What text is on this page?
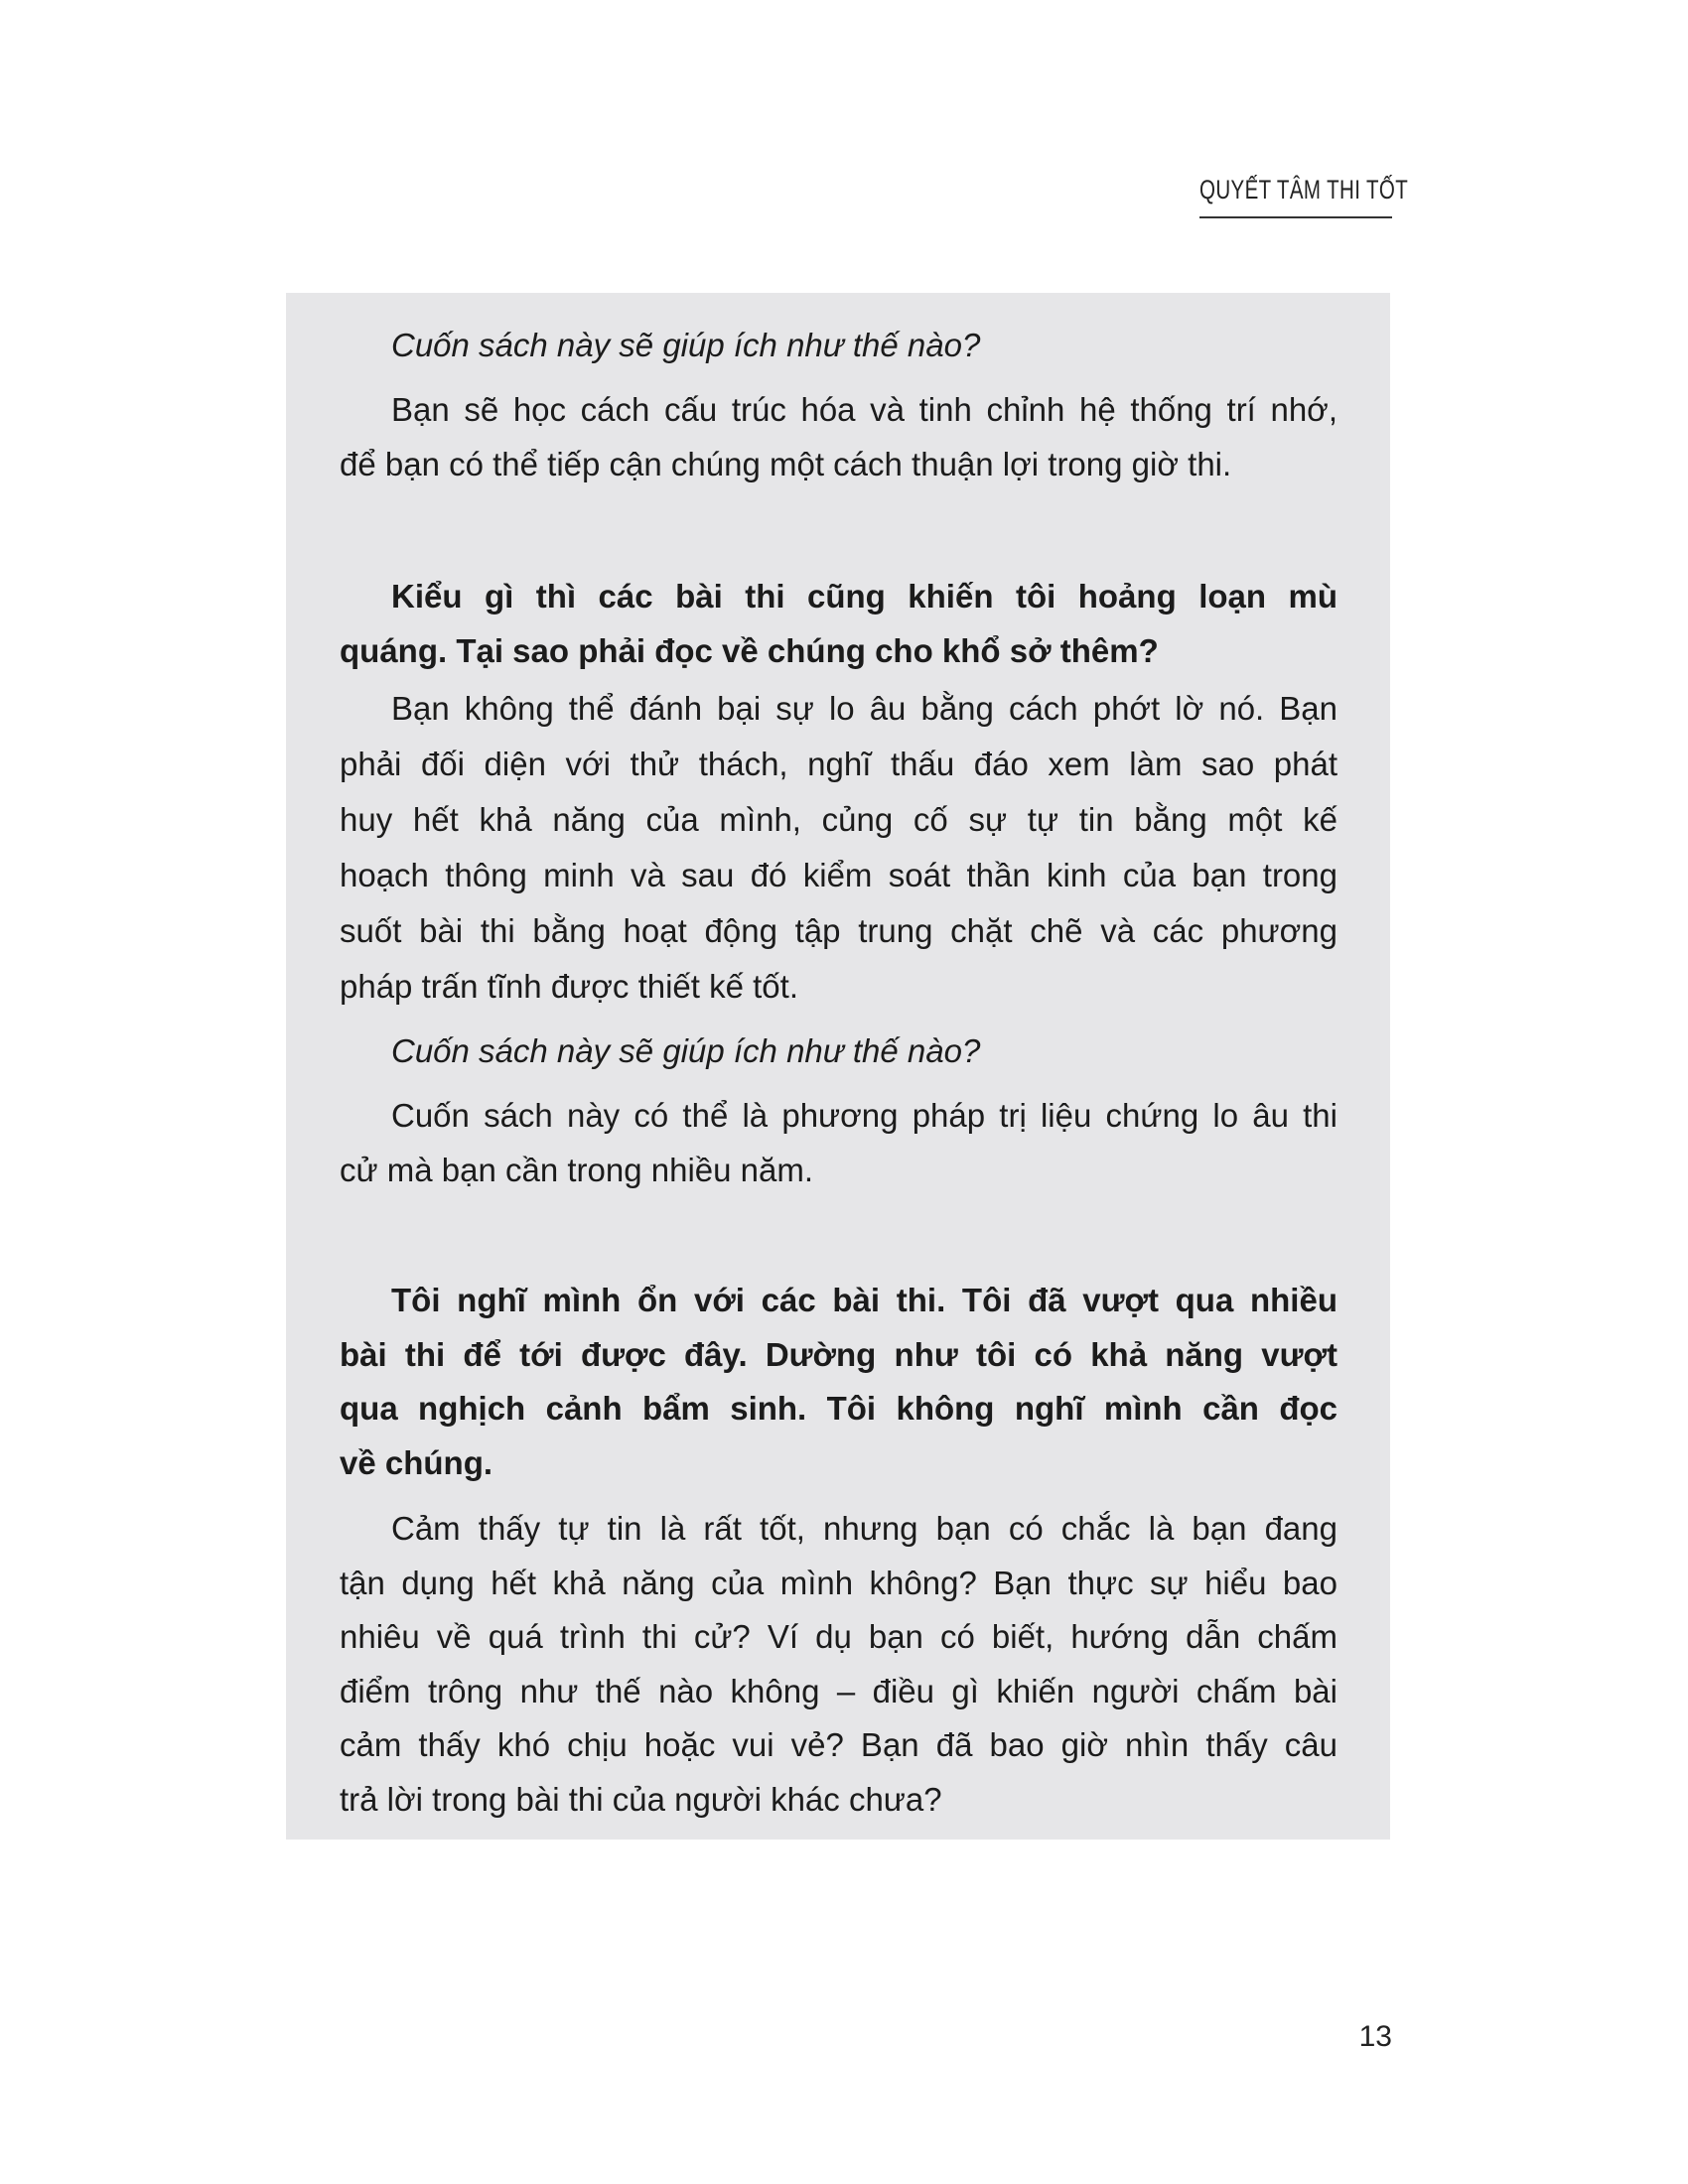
QUYẾT TÂM THI TỐT
Cuốn sách này sẽ giúp ích như thế nào?
Bạn sẽ học cách cấu trúc hóa và tinh chỉnh hệ thống trí nhớ,
để bạn có thể tiếp cận chúng một cách thuận lợi trong giờ thi.
Kiểu gì thì các bài thi cũng khiến tôi hoảng loạn mù
quáng. Tại sao phải đọc về chúng cho khổ sở thêm?
Bạn không thể đánh bại sự lo âu bằng cách phớt lờ nó. Bạn
phải đối diện với thử thách, nghĩ thấu đáo xem làm sao phát
huy hết khả năng của mình, củng cố sự tự tin bằng một kế
hoạch thông minh và sau đó kiểm soát thần kinh của bạn trong
suốt bài thi bằng hoạt động tập trung chặt chẽ và các phương
pháp trấn tĩnh được thiết kế tốt.
Cuốn sách này sẽ giúp ích như thế nào?
Cuốn sách này có thể là phương pháp trị liệu chứng lo âu thi
cử mà bạn cần trong nhiều năm.
Tôi nghĩ mình ổn với các bài thi. Tôi đã vượt qua nhiều
bài thi để tới được đây. Dường như tôi có khả năng vượt
qua nghịch cảnh bẩm sinh. Tôi không nghĩ mình cần đọc
về chúng.
Cảm thấy tự tin là rất tốt, nhưng bạn có chắc là bạn đang
tận dụng hết khả năng của mình không? Bạn thực sự hiểu bao
nhiêu về quá trình thi cử? Ví dụ bạn có biết, hướng dẫn chấm
điểm trông như thế nào không – điều gì khiến người chấm bài
cảm thấy khó chịu hoặc vui vẻ? Bạn đã bao giờ nhìn thấy câu
trả lời trong bài thi của người khác chưa?
13
